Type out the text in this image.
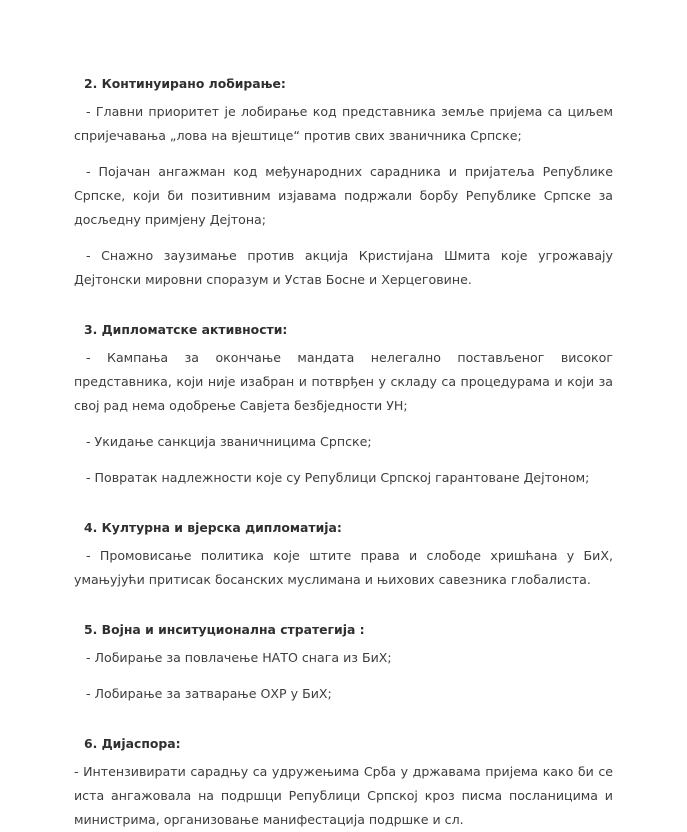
2. Континуирано лобирање:

- Главни приоритет је лобирање код представника земље пријема са циљем спријечавања „лова на вјештице“ против свих званичника Српске;

- Појачан ангажман код међународних сарадника и пријатеља Републике Српске, који би позитивним изјавама подржали борбу Републике Српске за досљедну примјену Дејтона;

- Снажно заузимање против акција Кристијана Шмита које угрожавају Дејтонски мировни споразум и Устав Босне и Херцеговине.

3. Дипломатске активности:

- Кампања за окончање мандата нелегално постављеног високог представника, који није изабран и потврђен у складу са процедурама и који за свој рад нема одобрење Савјета безбједности УН;

- Укидање санкција званичницима Српске;

- Повратак надлежности које су Републици Српској гарантоване Дејтоном;

4. Културна и вјерска дипломатија:

- Промовисање политика које штите права и слободе хришћана у БиХ, умањујући притисак босанских муслимана и њихових савезника глобалиста.

5. Војна и инситуционална стратегија :

- Лобирање за повлачење НАТО снага из БиХ;

- Лобирање за затварање ОХР у БиХ;

6. Дијаспора:

- Интензивирати сарадњу са удружењима Срба у државама пријема како би се иста ангажовала на подршци Републици Српској кроз писма посланицима и министрима, организовање манифестација подршке и сл.
